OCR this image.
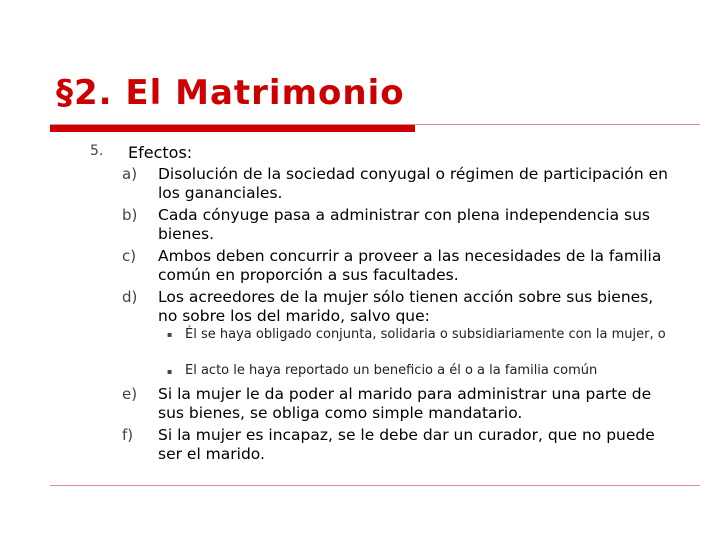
§2. El Matrimonio
5. Efectos:
a) Disolución de la sociedad conyugal o régimen de participación en los gananciales.
b) Cada cónyuge pasa a administrar con plena independencia sus bienes.
c) Ambos deben concurrir a proveer a las necesidades de la familia común en proporción a sus facultades.
d) Los acreedores de la mujer sólo tienen acción sobre sus bienes, no sobre los del marido, salvo que:
▪ Él se haya obligado conjunta, solidaria o subsidiariamente con la mujer, o
▪ El acto le haya reportado un beneficio a él o a la familia común
e) Si la mujer le da poder al marido para administrar una parte de sus bienes, se obliga como simple mandatario.
f) Si la mujer es incapaz, se le debe dar un curador, que no puede ser el marido.
